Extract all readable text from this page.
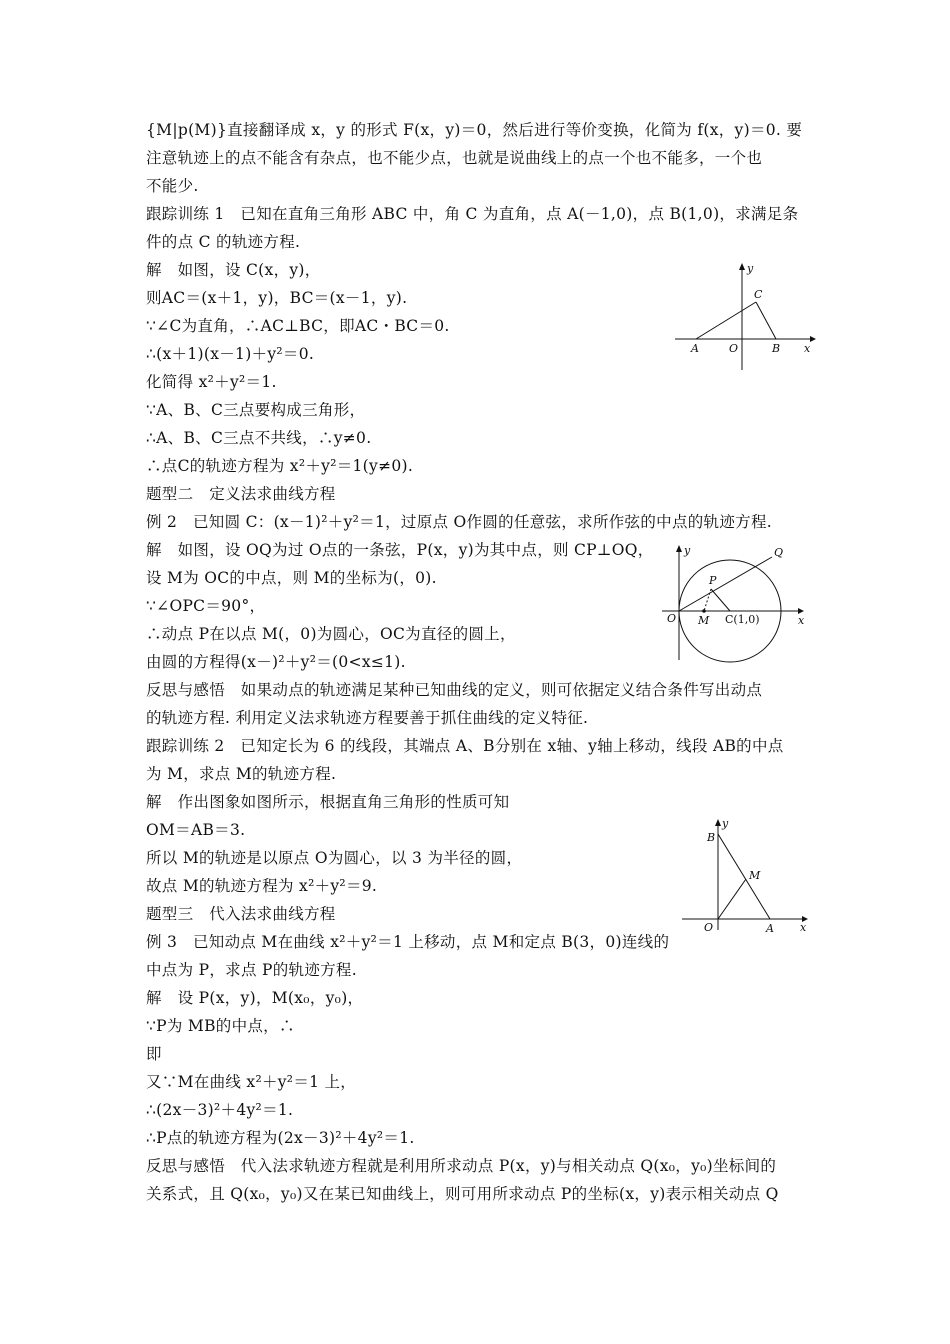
{M|p(M)}直接翻译成 x，y 的形式 F(x，y)＝0，然后进行等价变换，化简为 f(x，y)＝0. 要
注意轨迹上的点不能含有杂点，也不能少点，也就是说曲线上的点一个也不能多，一个也
不能少.
跟踪训练 1　已知在直角三角形 ABC 中，角 C 为直角，点 A(－1,0)，点 B(1,0)，求满足条
件的点 C 的轨迹方程.
解　如图，设 C(x，y)，
则AC＝(x＋1，y)，BC＝(x－1，y).
∵∠C为直角，∴AC⊥BC，即AC・BC＝0.
∴(x＋1)(x－1)＋y²＝0.
化简得 x²＋y²＝1.
∵A、B、C三点要构成三角形，
∴A、B、C三点不共线，∴y≠0.
∴点C的轨迹方程为 x²＋y²＝1(y≠0).
题型二　定义法求曲线方程
例 2　已知圆 C：(x－1)²＋y²＝1，过原点 O作圆的任意弦，求所作弦的中点的轨迹方程.
解　如图，设 OQ为过 O点的一条弦，P(x，y)为其中点，则 CP⊥OQ，
设 M为 OC的中点，则 M的坐标为(，0).
∵∠OPC＝90°，
∴动点 P在以点 M(，0)为圆心，OC为直径的圆上，
由圆的方程得(x－)²＋y²＝(0<x≤1).
反思与感悟　如果动点的轨迹满足某种已知曲线的定义，则可依据定义结合条件写出动点
的轨迹方程. 利用定义法求轨迹方程要善于抓住曲线的定义特征.
跟踪训练 2　已知定长为 6 的线段，其端点 A、B分别在 x轴、y轴上移动，线段 AB的中点
为 M，求点 M的轨迹方程.
解　作出图象如图所示，根据直角三角形的性质可知
OM＝AB＝3.
所以 M的轨迹是以原点 O为圆心，以 3 为半径的圆，
故点 M的轨迹方程为 x²＋y²＝9.
题型三　代入法求曲线方程
例 3　已知动点 M在曲线 x²＋y²＝1 上移动，点 M和定点 B(3，0)连线的
中点为 P，求点 P的轨迹方程.
解　设 P(x，y)，M(x₀，y₀)，
∵P为 MB的中点，∴
即
又∵M在曲线 x²＋y²＝1 上，
∴(2x－3)²＋4y²＝1.
∴P点的轨迹方程为(2x－3)²＋4y²＝1.
反思与感悟　代入法求轨迹方程就是利用所求动点 P(x，y)与相关动点 Q(x₀，y₀)坐标间的
关系式，且 Q(x₀，y₀)又在某已知曲线上，则可用所求动点 P的坐标(x，y)表示相关动点 Q
x
y
A	O	B
C
x
y
O M C(1,0)
P
Q
x
y
O	A
B
M
